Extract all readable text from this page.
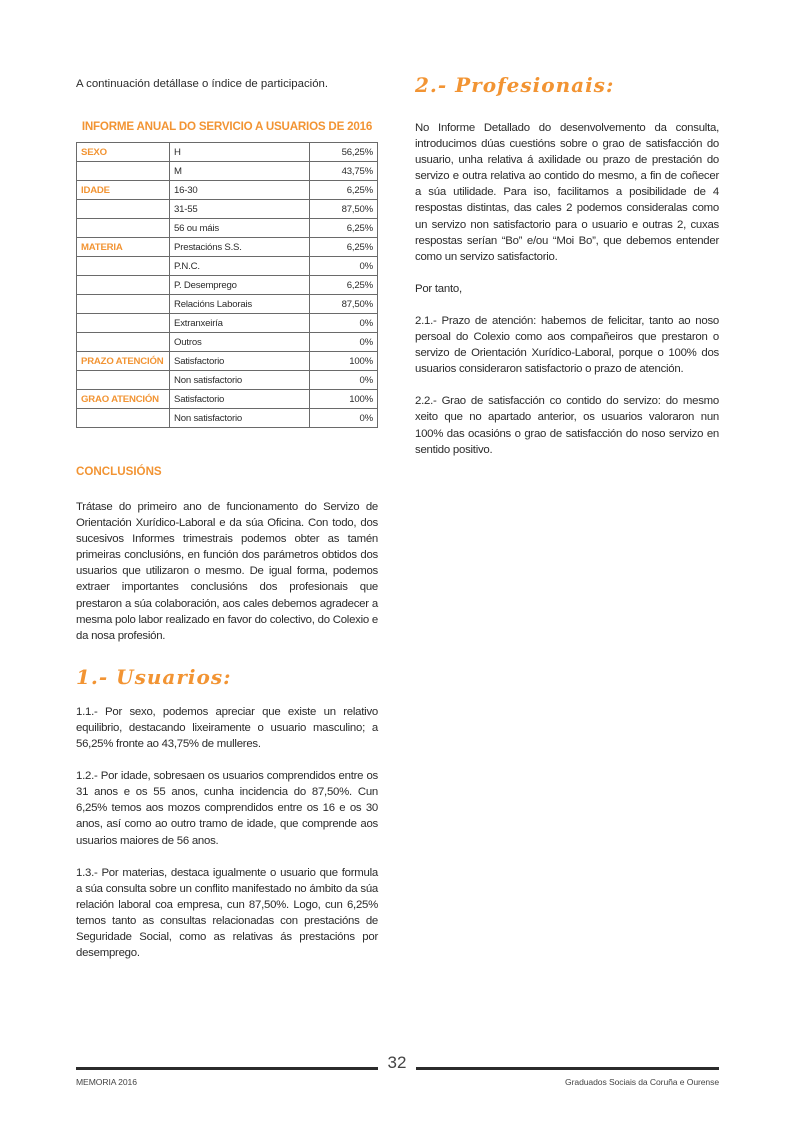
A continuación detállase o índice de participación.
INFORME ANUAL DO SERVICIO A USUARIOS DE 2016
SEXO	H	56,25%
	M	43,75%
IDADE	16-30	6,25%
	31-55	87,50%
	56 ou máis	6,25%
MATERIA	Prestacións S.S.	6,25%
	P.N.C.	0%
	P. Desemprego	6,25%
	Relacións Laborais	87,50%
	Extranxeiría	0%
	Outros	0%
PRAZO ATENCIÓN	Satisfactorio	100%
	Non satisfactorio	0%
GRAO ATENCIÓN	Satisfactorio	100%
	Non satisfactorio	0%
CONCLUSIÓNS

Trátase do primeiro ano de funcionamento do Servizo de Orientación Xurídico-Laboral e da súa Oficina. Con todo, dos sucesivos Informes trimestrais podemos obter as tamén primeiras conclusións, en función dos parámetros obtidos dos usuarios que utilizaron o mesmo. De igual forma, podemos extraer importantes conclusións dos profesionais que prestaron a súa colaboración, aos cales debemos agradecer a mesma polo labor realizado en favor do colectivo, do Colexio e da nosa profesión.

1.- Usuarios:

1.1.- Por sexo, podemos apreciar que existe un relativo equilibrio, destacando lixeiramente o usuario masculino; a 56,25% fronte ao 43,75% de mulleres.

1.2.- Por idade, sobresaen os usuarios comprendidos entre os 31 anos e os 55 anos, cunha incidencia do 87,50%. Cun 6,25% temos aos mozos comprendidos entre os 16 e os 30 anos, así como ao outro tramo de idade, que comprende aos usuarios maiores de 56 anos.

1.3.- Por materias, destaca igualmente o usuario que formula a súa consulta sobre un conflito manifestado no ámbito da súa relación laboral coa empresa, cun 87,50%. Logo, cun 6,25% temos tanto as consultas relacionadas con prestacións de Seguridade Social, como as relativas ás prestacións por desemprego.

2.- Profesionais:

No Informe Detallado do desenvolvemento da consulta, introducimos dúas cuestións sobre o grao de satisfacción do usuario, unha relativa á axilidade ou prazo de prestación do servizo e outra relativa ao contido do mesmo, a fin de coñecer a súa utilidade. Para iso, facilitamos a posibilidade de 4 respostas distintas, das cales 2 podemos consideralas como un servizo non satisfactorio para o usuario e outras 2, cuxas respostas serían “Bo” e/ou “Moi Bo”, que debemos entender como un servizo satisfactorio.

Por tanto,

2.1.- Prazo de atención: habemos de felicitar, tanto ao noso persoal do Colexio como aos compañeiros que prestaron o servizo de Orientación Xurídico-Laboral, porque o 100% dos usuarios consideraron satisfactorio o prazo de atención.

2.2.- Grao de satisfacción co contido do servizo: do mesmo xeito que no apartado anterior, os usuarios valoraron nun 100% das ocasións o grao de satisfacción do noso servizo en sentido positivo.

32
MEMORIA 2016	Graduados Sociais da Coruña e Ourense
